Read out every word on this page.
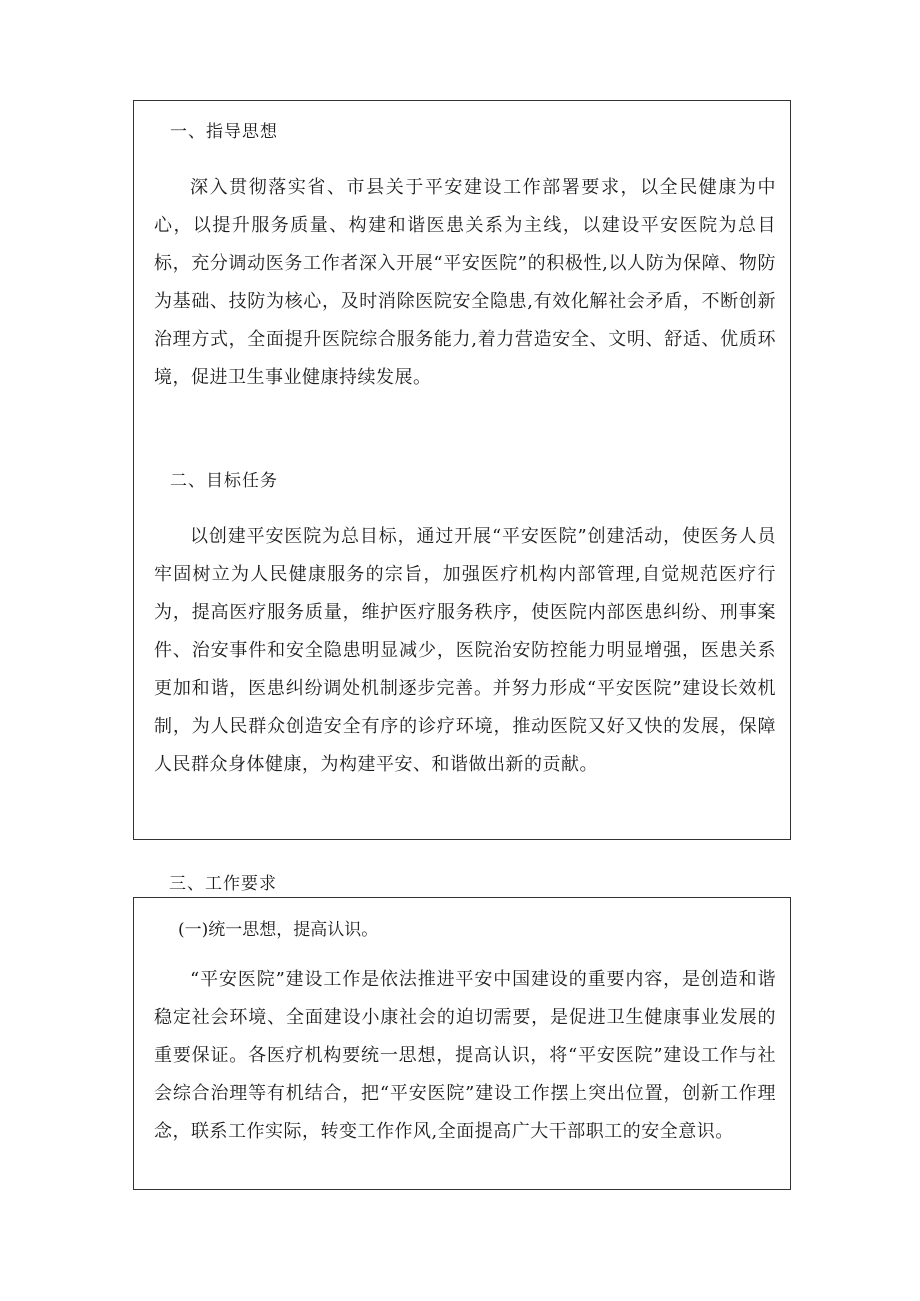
一、指导思想
深入贯彻落实省、市县关于平安建设工作部署要求，以全民健康为中心，以提升服务质量、构建和谐医患关系为主线，以建设平安医院为总目标，充分调动医务工作者深入开展“平安医院”的积极性,以人防为保障、物防为基础、技防为核心，及时消除医院安全隐患,有效化解社会矛盾，不断创新治理方式，全面提升医院综合服务能力,着力营造安全、文明、舒适、优质环境，促进卫生事业健康持续发展。
二、目标任务
以创建平安医院为总目标，通过开展“平安医院”创建活动，使医务人员牢固树立为人民健康服务的宗旨，加强医疗机构内部管理,自觉规范医疗行为，提高医疗服务质量，维护医疗服务秩序，使医院内部医患纠纷、刑事案件、治安事件和安全隐患明显减少，医院治安防控能力明显增强，医患关系更加和谐，医患纠纷调处机制逐步完善。并努力形成“平安医院”建设长效机制，为人民群众创造安全有序的诊疗环境，推动医院又好又快的发展，保障人民群众身体健康，为构建平安、和谐做出新的贡献。
三、工作要求
(一)统一思想，提高认识。
“平安医院”建设工作是依法推进平安中国建设的重要内容，是创造和谐稳定社会环境、全面建设小康社会的迫切需要，是促进卫生健康事业发展的重要保证。各医疗机构要统一思想，提高认识，将“平安医院”建设工作与社会综合治理等有机结合，把“平安医院”建设工作摆上突出位置，创新工作理念，联系工作实际，转变工作作风,全面提高广大干部职工的安全意识。
